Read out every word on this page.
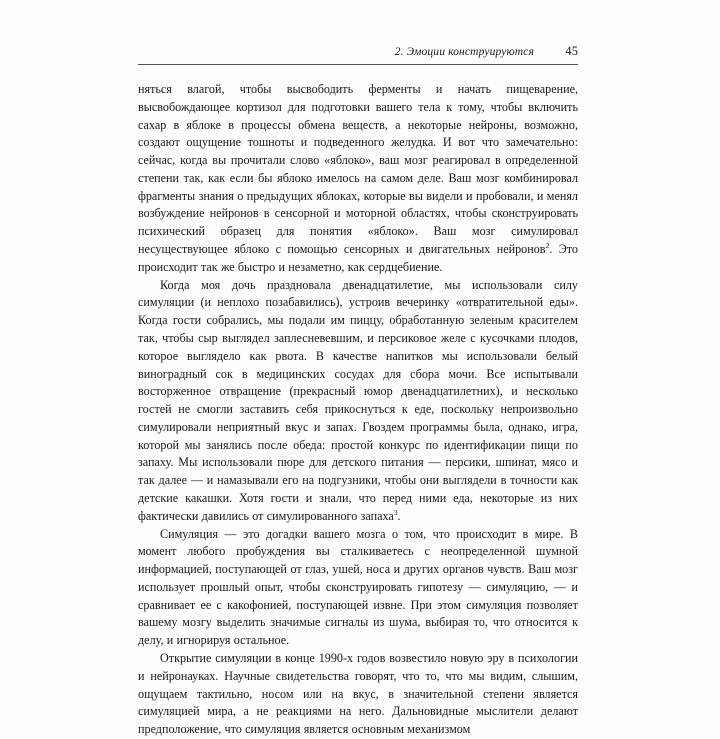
2. Эмоции конструируются	45

няться влагой, чтобы высвободить ферменты и начать пищеварение, высвобождающее кортизол для подготовки вашего тела к тому, чтобы включить сахар в яблоке в процессы обмена веществ, а некоторые нейроны, возможно, создают ощущение тошноты и подведенного желудка. И вот что замечательно: сейчас, когда вы прочитали слово «яблоко», ваш мозг реагировал в определенной степени так, как если бы яблоко имелось на самом деле. Ваш мозг комбинировал фрагменты знания о предыдущих яблоках, которые вы видели и пробовали, и менял возбуждение нейронов в сенсорной и моторной областях, чтобы сконструировать психический образец для понятия «яблоко». Ваш мозг симулировал несуществующее яблоко с помощью сенсорных и двигательных нейронов$^2$. Это происходит так же быстро и незаметно, как сердцебиение.

Когда моя дочь праздновала двенадцатилетие, мы использовали силу симуляции (и неплохо позабавились), устроив вечеринку «отвратительной еды». Когда гости собрались, мы подали им пиццу, обработанную зеленым красителем так, чтобы сыр выглядел заплесневевшим, и персиковое желе с кусочками плодов, которое выглядело как рвота. В качестве напитков мы использовали белый виноградный сок в медицинских сосудах для сбора мочи. Все испытывали восторженное отвращение (прекрасный юмор двенадцатилетних), и несколько гостей не смогли заставить себя прикоснуться к еде, поскольку непроизвольно симулировали неприятный вкус и запах. Гвоздем программы была, однако, игра, которой мы занялись после обеда: простой конкурс по идентификации пищи по запаху. Мы использовали пюре для детского питания — персики, шпинат, мясо и так далее — и намазывали его на подгузники, чтобы они выглядели в точности как детские какашки. Хотя гости и знали, что перед ними еда, некоторые из них фактически давились от симулированного запаха$^3$.

Симуляция — это догадки вашего мозга о том, что происходит в мире. В момент любого пробуждения вы сталкиваетесь с неопределенной шумной информацией, поступающей от глаз, ушей, носа и других органов чувств. Ваш мозг использует прошлый опыт, чтобы сконструировать гипотезу — симуляцию, — и сравнивает ее с какофонией, поступающей извне. При этом симуляция позволяет вашему мозгу выделить значимые сигналы из шума, выбирая то, что относится к делу, и игнорируя остальное.

Открытие симуляции в конце 1990-х годов возвестило новую эру в психологии и нейронауках. Научные свидетельства говорят, что то, что мы видим, слышим, ощущаем тактильно, носом или на вкус, в значительной степени является симуляцией мира, а не реакциями на него. Дальновидные мыслители делают предположение, что симуляция является основным механизмом
